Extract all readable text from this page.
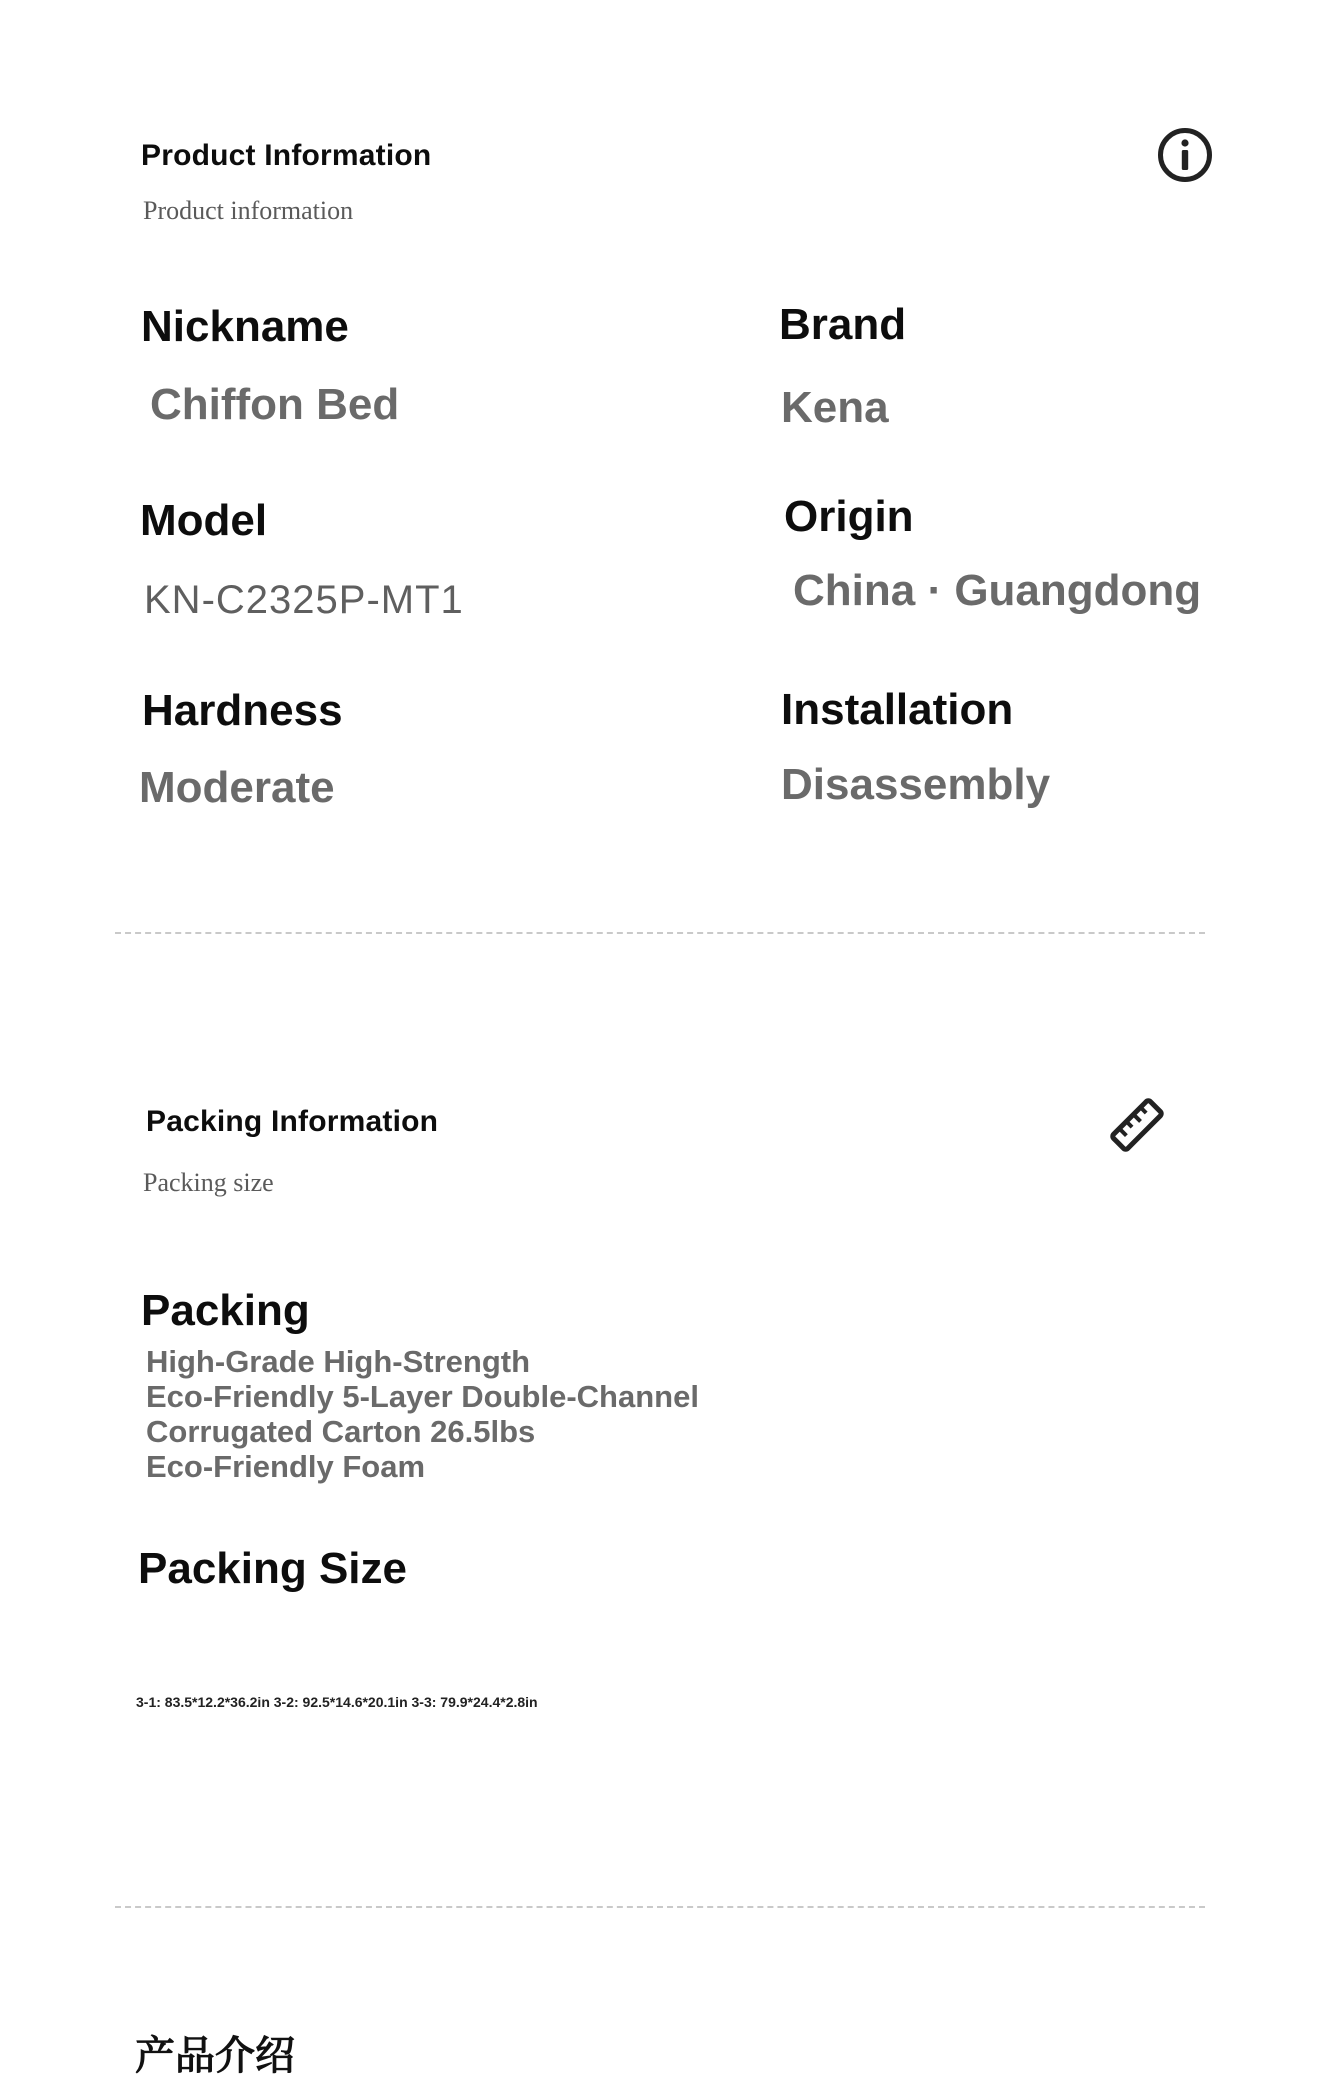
Product Information
Product information
Nickname
Chiffon Bed
Brand
Kena
Model
KN-C2325P-MT1
Origin
China · Guangdong
Hardness
Moderate
Installation
Disassembly
Packing Information
Packing size
Packing
High-Grade High-Strength
Eco-Friendly 5-Layer Double-Channel
Corrugated Carton 26.5lbs
Eco-Friendly Foam
Packing Size
3-1: 83.5*12.2*36.2in 3-2: 92.5*14.6*20.1in 3-3: 79.9*24.4*2.8in
产品介绍
